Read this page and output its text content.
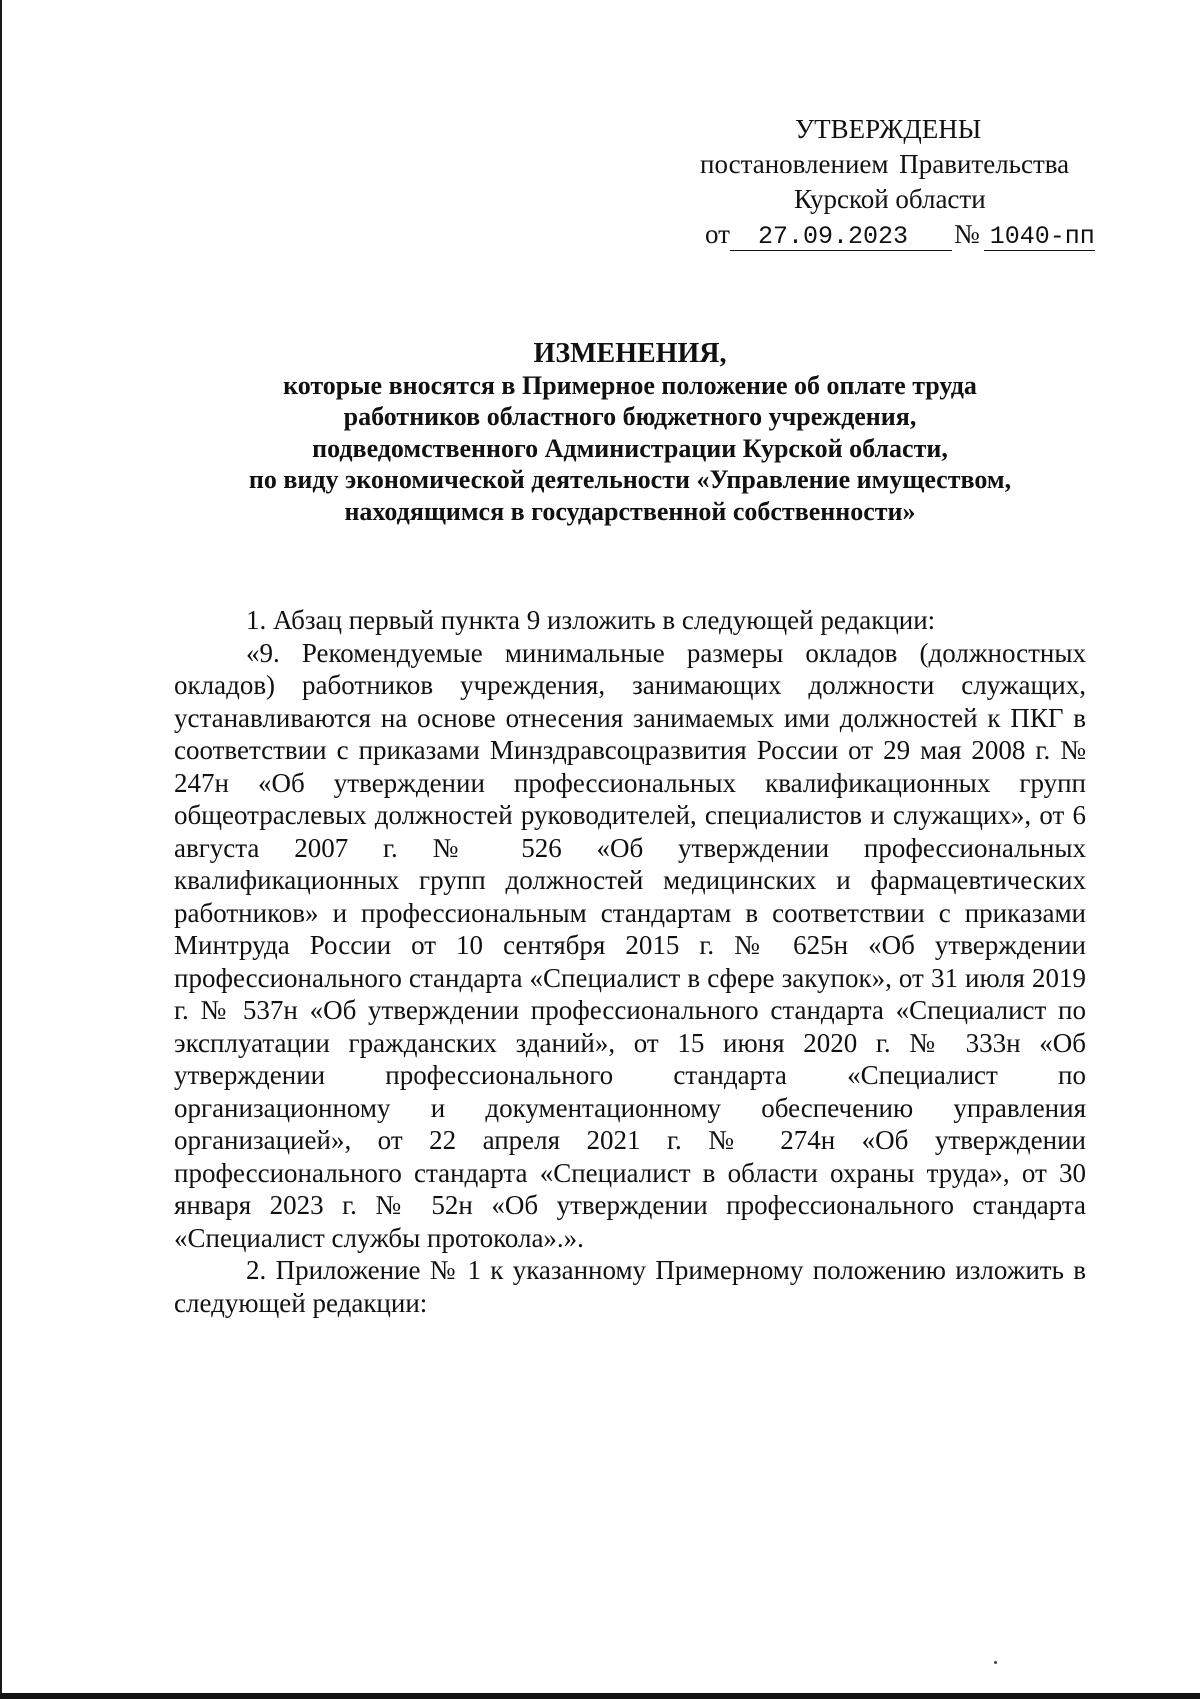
УТВЕРЖДЕНЫ
постановлением Правительства
Курской области
от	27.09.2023	№ 1040-пп
ИЗМЕНЕНИЯ,
которые вносятся в Примерное положение об оплате труда
работников областного бюджетного учреждения,
подведомственного Администрации Курской области,
по виду экономической деятельности «Управление имуществом,
находящимся в государственной собственности»

1. Абзац первый пункта 9 изложить в следующей редакции:

«9. Рекомендуемые минимальные размеры окладов (должностных окладов) работников учреждения, занимающих должности служащих, устанавливаются на основе отнесения занимаемых ими должностей к ПКГ в соответствии с приказами Минздравсоцразвития России от 29 мая 2008 г. № 247н «Об утверждении профессиональных квалификационных групп общеотраслевых должностей руководителей, специалистов и служащих», от 6 августа 2007 г. № 526 «Об утверждении профессиональных квалификационных групп должностей медицинских и фармацевтических работников» и профессиональным стандартам в соответствии с приказами Минтруда России от 10 сентября 2015 г. № 625н «Об утверждении профессионального стандарта «Специалист в сфере закупок», от 31 июля 2019 г. № 537н «Об утверждении профессионального стандарта «Специалист по эксплуатации гражданских зданий», от 15 июня 2020 г. № 333н «Об утверждении профессионального стандарта «Специалист по организационному и документационному обеспечению управления организацией», от 22 апреля 2021 г. № 274н «Об утверждении профессионального стандарта «Специалист в области охраны труда», от 30 января 2023 г. № 52н «Об утверждении профессионального стандарта «Специалист службы протокола».».

2. Приложение № 1 к указанному Примерному положению изложить в следующей редакции:
